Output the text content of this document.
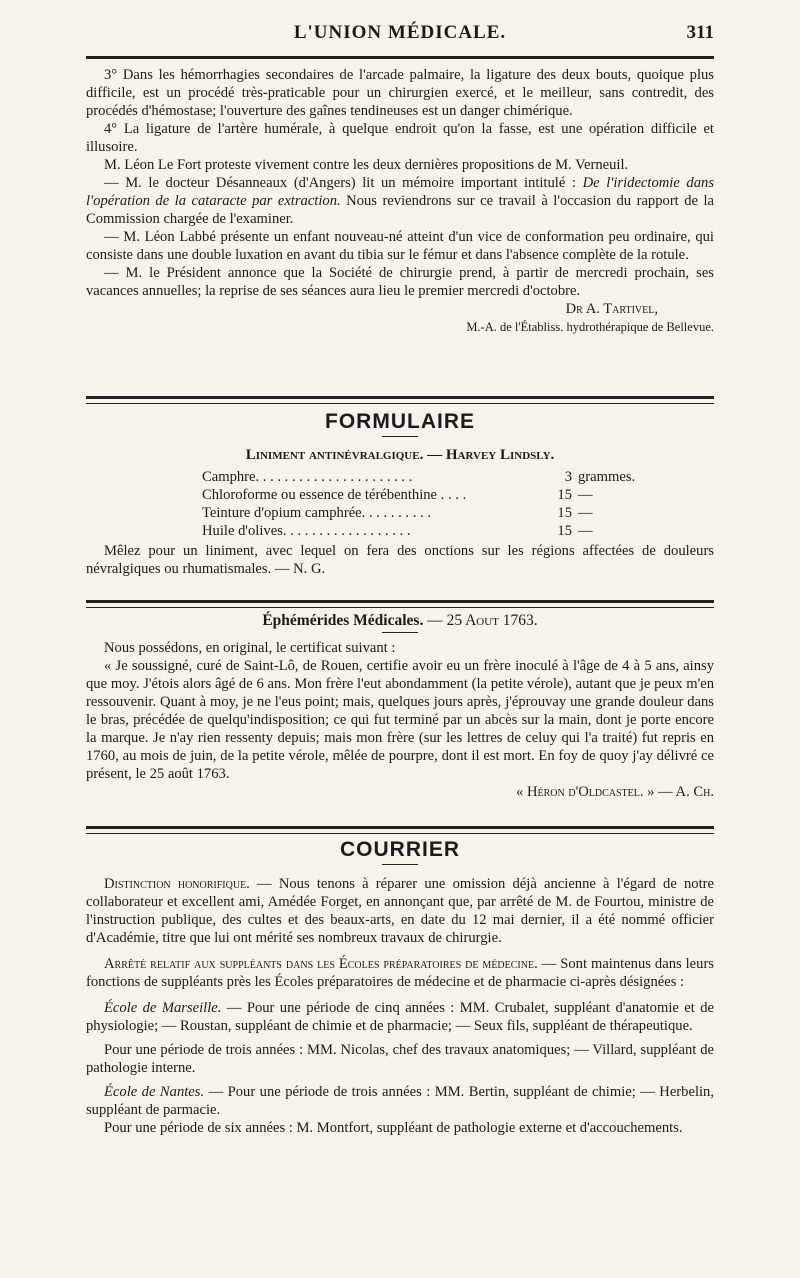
L'UNION MÉDICALE.	311

3° Dans les hémorrhagies secondaires de l'arcade palmaire, la ligature des deux bouts, quoique plus difficile, est un procédé très-praticable pour un chirurgien exercé, et le meilleur, sans contredit, des procédés d'hémostase; l'ouverture des gaînes tendineuses est un danger chimérique.

4° La ligature de l'artère humérale, à quelque endroit qu'on la fasse, est une opération difficile et illusoire.

M. Léon Le Fort proteste vivement contre les deux dernières propositions de M. Verneuil.

— M. le docteur Désanneaux (d'Angers) lit un mémoire important intitulé : De l'iridectomie dans l'opération de la cataracte par extraction. Nous reviendrons sur ce travail à l'occasion du rapport de la Commission chargée de l'examiner.

— M. Léon Labbé présente un enfant nouveau-né atteint d'un vice de conformation peu ordinaire, qui consiste dans une double luxation en avant du tibia sur le fémur et dans l'absence complète de la rotule.

— M. le Président annonce que la Société de chirurgie prend, à partir de mercredi prochain, ses vacances annuelles; la reprise de ses séances aura lieu le premier mercredi d'octobre.

Dr A. Tartivel,

M.-A. de l'Établiss. hydrothérapique de Bellevue.

FORMULAIRE
Liniment antinévralgique. — Harvey Lindsly.
Camphre. . . . . . . . . . . . . . . . . . . . . .	3 grammes.
Chloroforme ou essence de térébenthine . . . .	15 —
Teinture d'opium camphrée. . . . . . . . . .	15 —
Huile d'olives. . . . . . . . . . . . . . . . . .	15 —

Mêlez pour un liniment, avec lequel on fera des onctions sur les régions affectées de douleurs névralgiques ou rhumatismales. — N. G.

Éphémérides Médicales. — 25 Aout 1763.

Nous possédons, en original, le certificat suivant :

« Je soussigné, curé de Saint-Lô, de Rouen, certifie avoir eu un frère inoculé à l'âge de 4 à 5 ans, ainsy que moy. J'étois alors âgé de 6 ans. Mon frère l'eut abondamment (la petite vérole), autant que je peux m'en ressouvenir. Quant à moy, je ne l'eus point; mais, quelques jours après, j'éprouvay une grande douleur dans le bras, précédée de quelqu'indisposition; ce qui fut terminé par un abcès sur la main, dont je porte encore la marque. Je n'ay rien ressenty depuis; mais mon frère (sur les lettres de celuy qui l'a traité) fut repris en 1760, au mois de juin, de la petite vérole, mêlée de pourpre, dont il est mort. En foy de quoy j'ay délivré ce présent, le 25 août 1763.

« Héron d'Oldcastel. » — A. Ch.

COURRIER

Distinction honorifique. — Nous tenons à réparer une omission déjà ancienne à l'égard de notre collaborateur et excellent ami, Amédée Forget, en annonçant que, par arrêté de M. de Fourtou, ministre de l'instruction publique, des cultes et des beaux-arts, en date du 12 mai dernier, il a été nommé officier d'Académie, titre que lui ont mérité ses nombreux travaux de chirurgie.

Arrêté relatif aux suppléants dans les Écoles préparatoires de médecine. — Sont maintenus dans leurs fonctions de suppléants près les Écoles préparatoires de médecine et de pharmacie ci-après désignées :

École de Marseille. — Pour une période de cinq années : MM. Crubalet, suppléant d'anatomie et de physiologie; — Roustan, suppléant de chimie et de pharmacie; — Seux fils, suppléant de thérapeutique.

Pour une période de trois années : MM. Nicolas, chef des travaux anatomiques; — Villard, suppléant de pathologie interne.

École de Nantes. — Pour une période de trois années : MM. Bertin, suppléant de chimie; — Herbelin, suppléant de parmacie.

Pour une période de six années : M. Montfort, suppléant de pathologie externe et d'accouchements.
